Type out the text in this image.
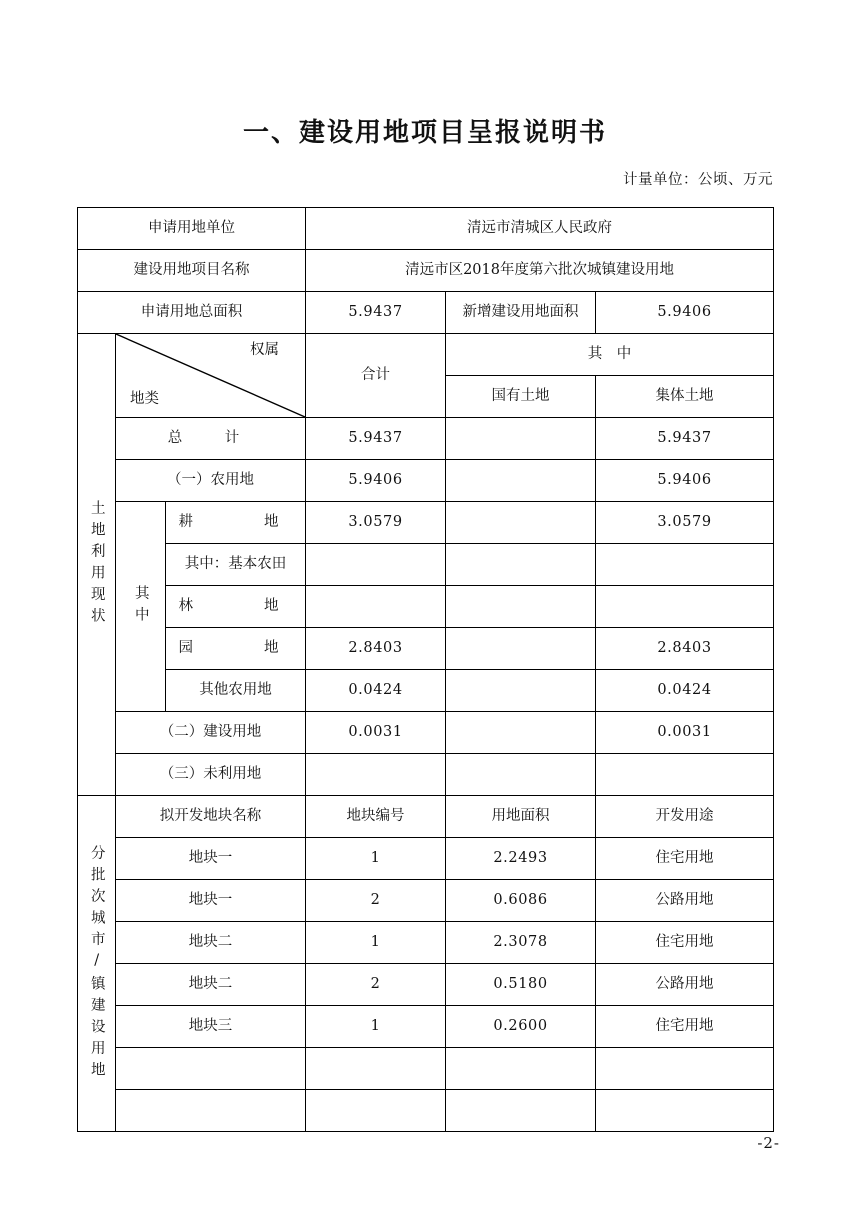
一、建设用地项目呈报说明书
计量单位：公顷、万元
申请用地单位			清远市清城区人民政府		
建设用地项目名称			清远市区2018年度第六批次城镇建设用地		
申请用地总面积			5.9437	新增建设用地面积	5.9406

土地利用现状	权属
地类		合计	其　中	
				国有土地	集体土地
	总　计		5.9437		5.9437
	（一）农用地		5.9406		5.9406

	其中	耕　　地	3.0579		3.0579
		其中：基本农田			
		林　　地			
		园　　地	2.8403		2.8403
		其他农用地	0.0424		0.0424
	（二）建设用地		0.0031		0.0031
	（三）未利用地				

分批次城市/镇建设用地	拟开发地块名称		地块编号	用地面积	开发用途
	地块一		1	2.2493	住宅用地
	地块一		2	0.6086	公路用地
	地块二		1	2.3078	住宅用地
	地块二		2	0.5180	公路用地
	地块三		1	0.2600	住宅用地

-2-
